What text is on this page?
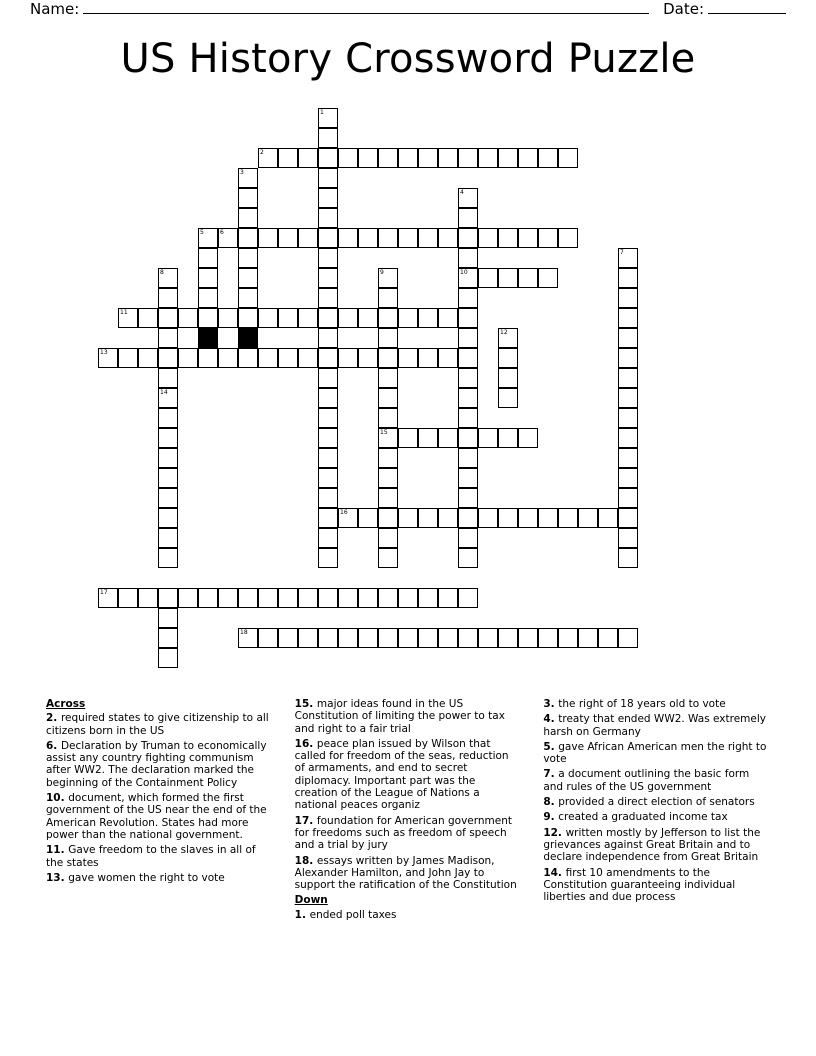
Name:	Date:
US History Crossword Puzzle
1
2
3
4
5	6
7
8	9	10
11
12
13
14
15
16
17
18
Across

2. required states to give citizenship to all citizens born in the US

6. Declaration by Truman to economically assist any country fighting communism after WW2. The declaration marked the beginning of the Containment Policy

10. document, which formed the first government of the US near the end of the American Revolution. States had more power than the national government.

11. Gave freedom to the slaves in all of the states

13. gave women the right to vote

15. major ideas found in the US Constitution of limiting the power to tax and right to a fair trial

16. peace plan issued by Wilson that called for freedom of the seas, reduction of armaments, and end to secret diplomacy. Important part was the creation of the League of Nations a national peaces organiz

17. foundation for American government for freedoms such as freedom of speech and a trial by jury

18. essays written by James Madison, Alexander Hamilton, and John Jay to support the ratification of the Constitution

Down

1. ended poll taxes

3. the right of 18 years old to vote

4. treaty that ended WW2. Was extremely harsh on Germany

5. gave African American men the right to vote

7. a document outlining the basic form and rules of the US government

8. provided a direct election of senators

9. created a graduated income tax

12. written mostly by Jefferson to list the grievances against Great Britain and to declare independence from Great Britain

14. first 10 amendments to the Constitution guaranteeing individual liberties and due process
